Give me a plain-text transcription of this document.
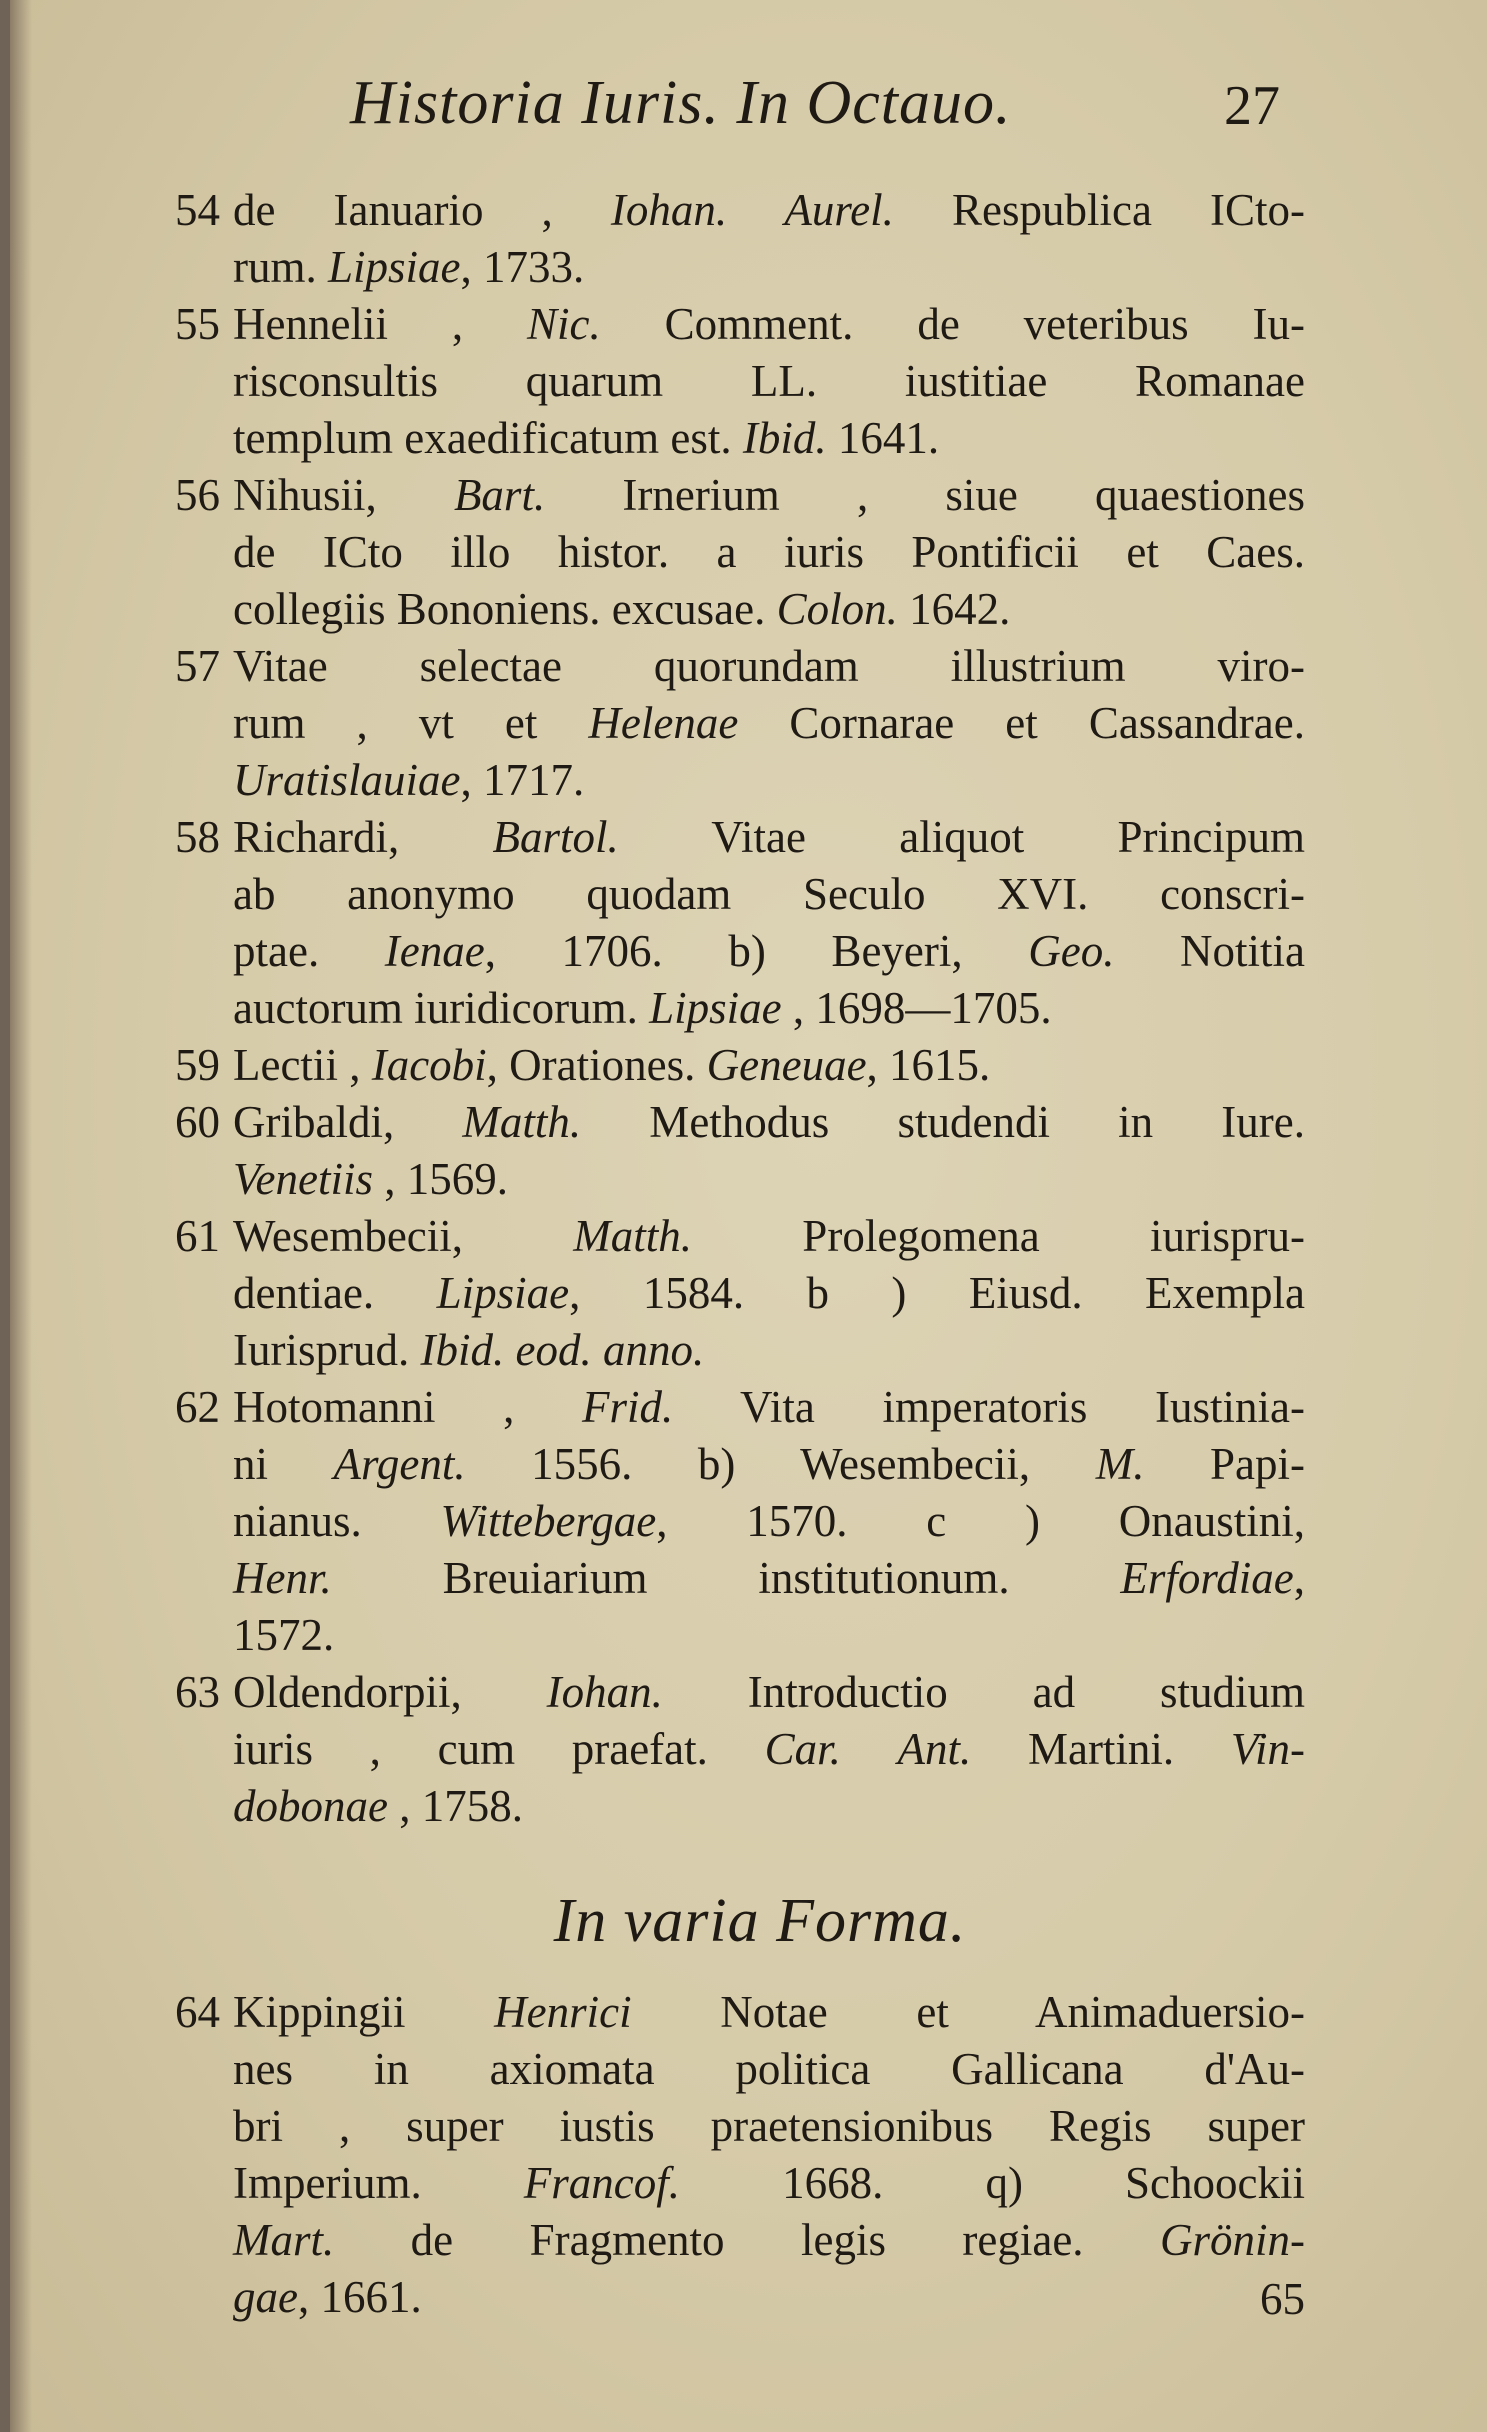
Historia Iuris. In Octauo.	27
54 de Ianuario , Iohan. Aurel. Respublica ICto-
rum. Lipsiae, 1733.
55 Hennelii , Nic. Comment. de veteribus Iu-
risconsultis quarum LL. iustitiae Romanae
templum exaedificatum est. Ibid. 1641.
56 Nihusii, Bart. Irnerium , siue quaestiones
de ICto illo histor. a iuris Pontificii et Caes.
collegiis Bononiens. excusae. Colon. 1642.
57 Vitae selectae quorundam illustrium viro-
rum , vt et Helenae Cornarae et Cassandrae.
Uratislauiae, 1717.
58 Richardi, Bartol. Vitae aliquot Principum
ab anonymo quodam Seculo XVI. conscri-
ptae. Ienae, 1706. b) Beyeri, Geo. Notitia
auctorum iuridicorum. Lipsiae , 1698—1705.
59 Lectii , Iacobi, Orationes. Geneuae, 1615.
60 Gribaldi, Matth. Methodus studendi in Iure.
Venetiis , 1569.
61 Wesembecii, Matth. Prolegomena iurispru-
dentiae. Lipsiae, 1584. b ) Eiusd. Exempla
Iurisprud. Ibid. eod. anno.
62 Hotomanni , Frid. Vita imperatoris Iustinia-
ni Argent. 1556. b) Wesembecii, M. Papi-
nianus. Wittebergae, 1570. c ) Onaustini,
Henr. Breuiarium institutionum. Erfordiae,
1572.
63 Oldendorpii, Iohan. Introductio ad studium
iuris , cum praefat. Car. Ant. Martini. Vin-
dobonae , 1758.
In varia Forma.
64 Kippingii Henrici Notae et Animaduersio-
nes in axiomata politica Gallicana d'Au-
bri , super iustis praetensionibus Regis super
Imperium. Francof. 1668. q) Schoockii
Mart. de Fragmento legis regiae. Grönin-
gae, 1661.	65
